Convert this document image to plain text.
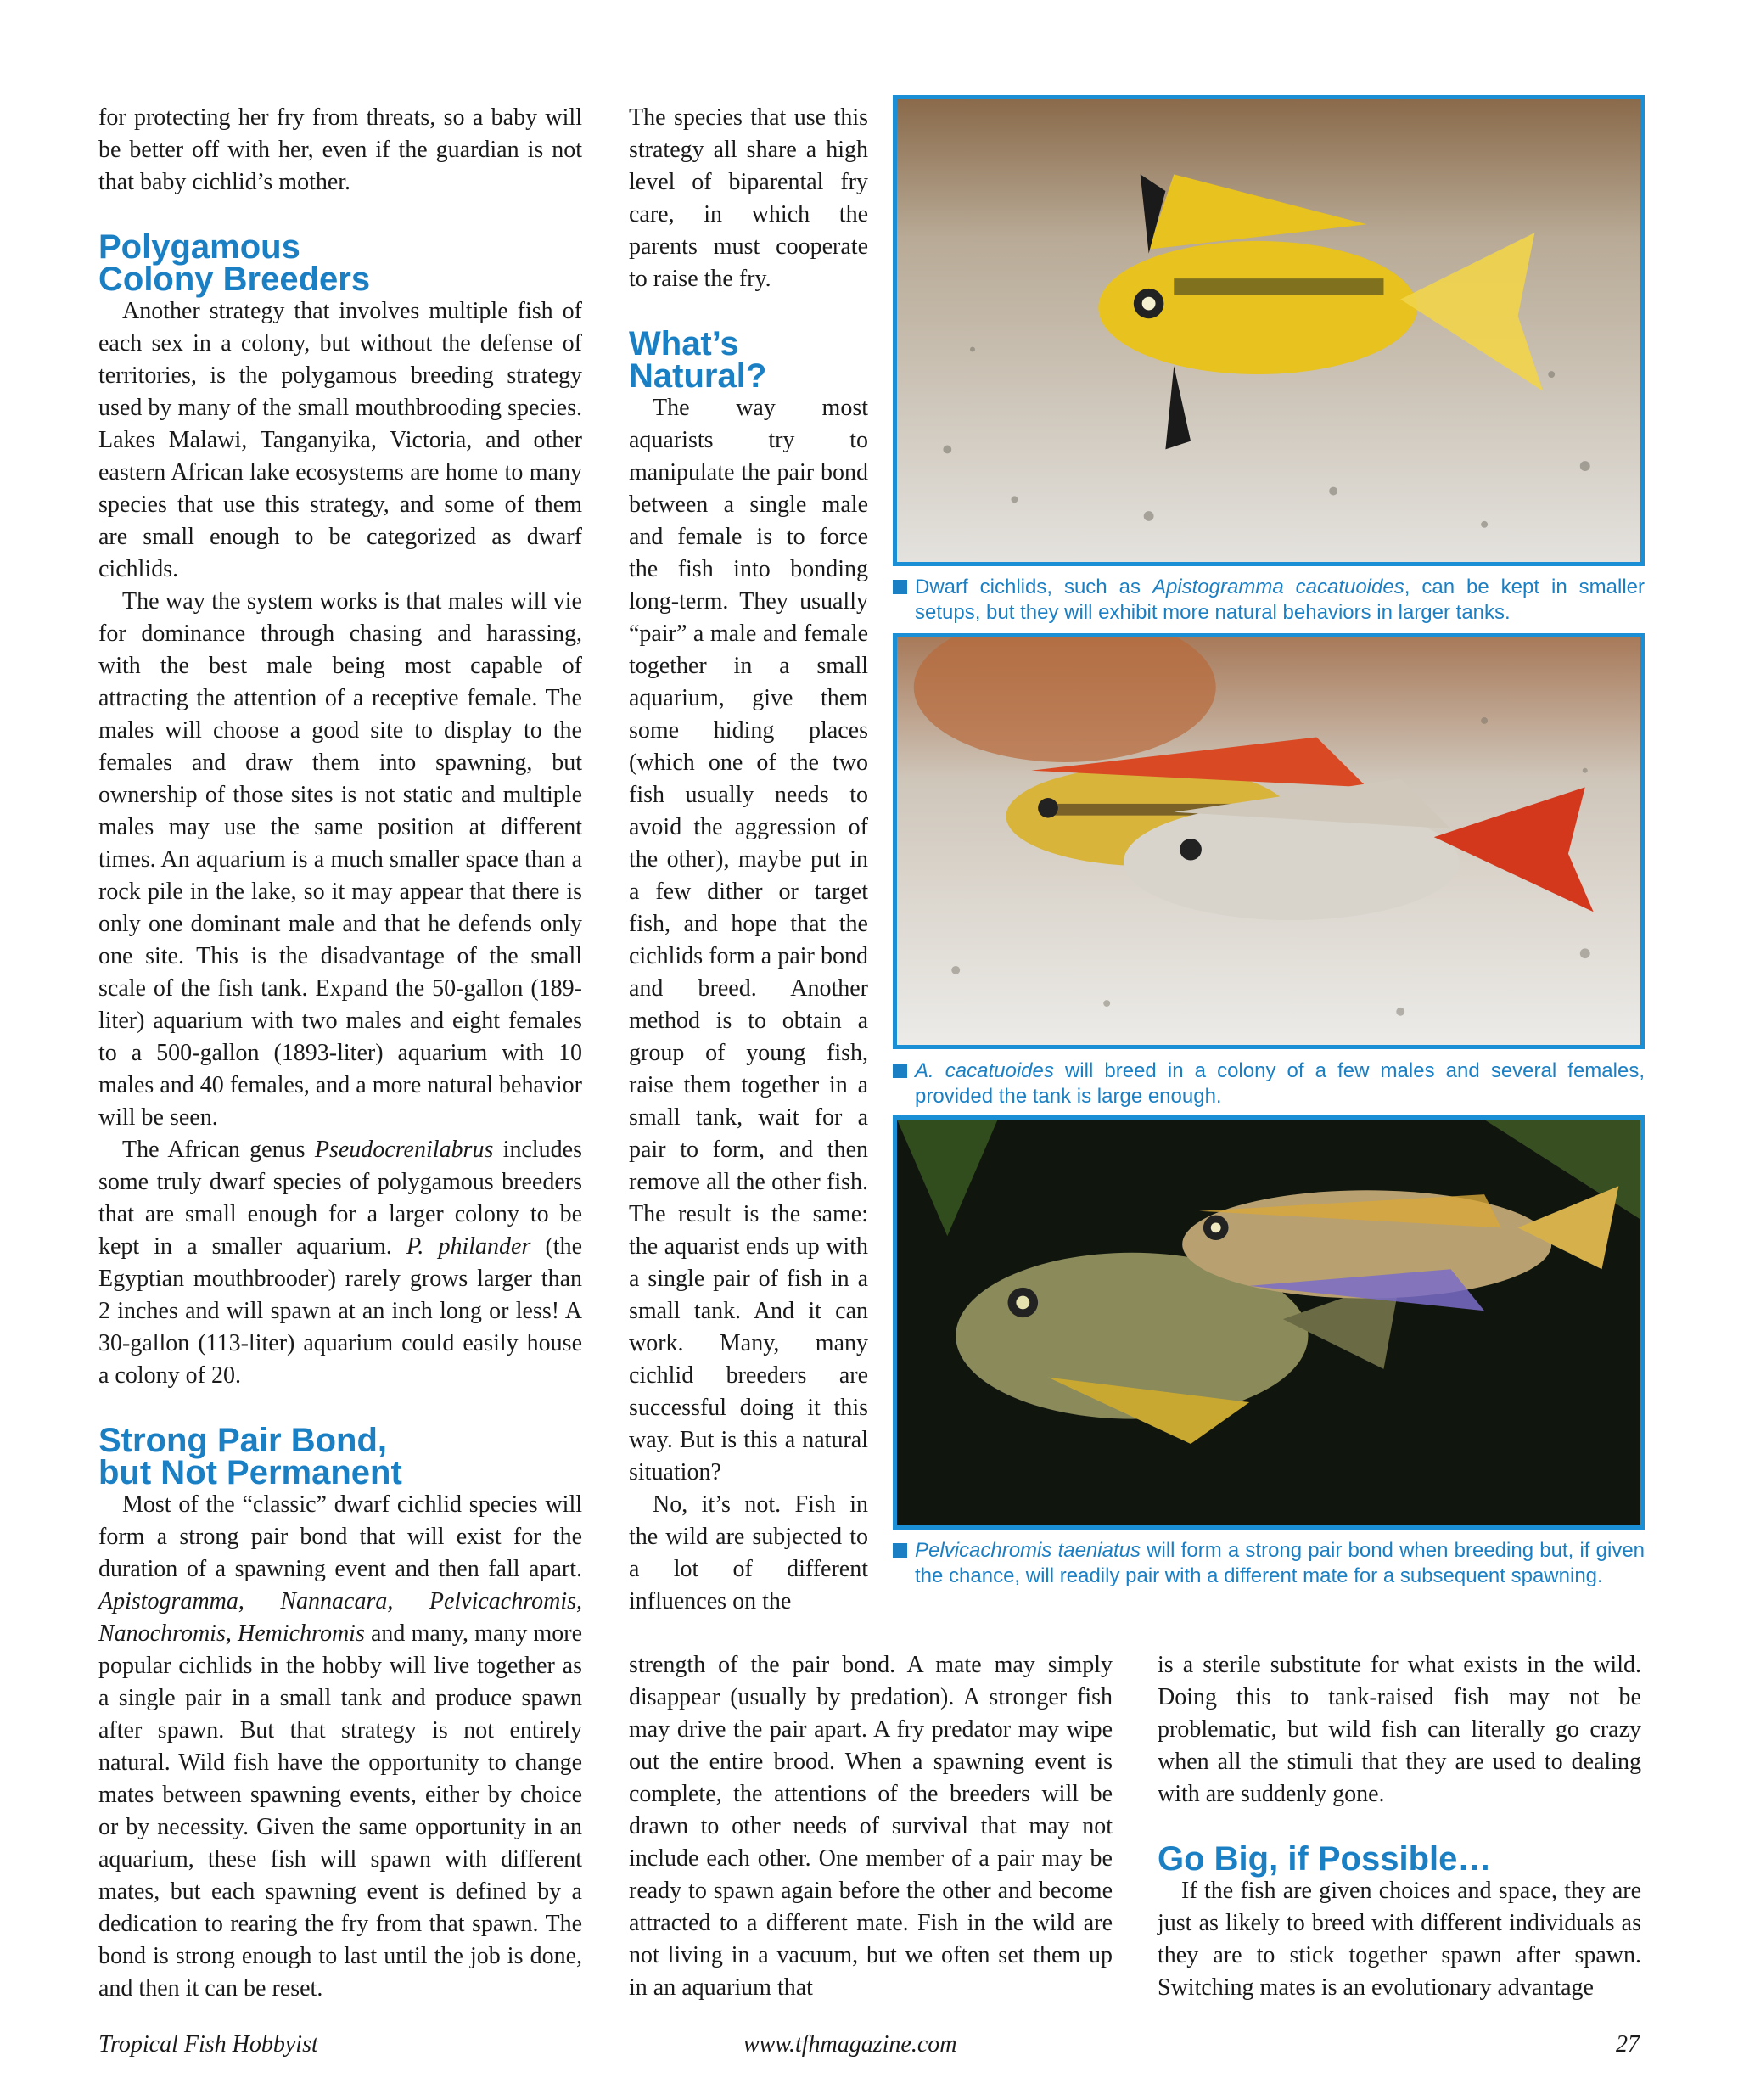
for protecting her fry from threats, so a baby will be better off with her, even if the guardian is not that baby cichlid’s mother.

Polygamous
Colony Breeders

Another strategy that involves multiple fish of each sex in a colony, but without the defense of territories, is the polygamous breeding strategy used by many of the small mouthbrooding species. Lakes Malawi, Tanganyika, Victoria, and other eastern African lake ecosystems are home to many species that use this strategy, and some of them are small enough to be categorized as dwarf cichlids.

The way the system works is that males will vie for dominance through chasing and harassing, with the best male being most capable of attracting the attention of a receptive female. The males will choose a good site to display to the females and draw them into spawning, but ownership of those sites is not static and multiple males may use the same position at different times. An aquarium is a much smaller space than a rock pile in the lake, so it may appear that there is only one dominant male and that he defends only one site. This is the disadvantage of the small scale of the fish tank. Expand the 50-gallon (189-liter) aquarium with two males and eight females to a 500-gallon (1893-liter) aquarium with 10 males and 40 females, and a more natural behavior will be seen.

The African genus Pseudocrenilabrus includes some truly dwarf species of polygamous breeders that are small enough for a larger colony to be kept in a smaller aquarium. P. philander (the Egyptian mouthbrooder) rarely grows larger than 2 inches and will spawn at an inch long or less! A 30-gallon (113-liter) aquarium could easily house a colony of 20.

Strong Pair Bond,
but Not Permanent

Most of the “classic” dwarf cichlid species will form a strong pair bond that will exist for the duration of a spawning event and then fall apart. Apistogramma, Nannacara, Pelvicachromis, Nanochromis, Hemichromis and many, many more popular cichlids in the hobby will live together as a single pair in a small tank and produce spawn after spawn. But that strategy is not entirely natural. Wild fish have the opportunity to change mates between spawning events, either by choice or by necessity. Given the same opportunity in an aquarium, these fish will spawn with different mates, but each spawning event is defined by a dedication to rearing the fry from that spawn. The bond is strong enough to last until the job is done, and then it can be reset.

The species that use this strategy all share a high level of biparental fry care, in which the parents must cooperate to raise the fry.

What’s
Natural?

The way most aquarists try to manipulate the pair bond between a single male and female is to force the fish into bonding long-term. They usually “pair” a male and female together in a small aquarium, give them some hiding places (which one of the two fish usually needs to avoid the aggression of the other), maybe put in a few dither or target fish, and hope that the cichlids form a pair bond and breed. Another method is to obtain a group of young fish, raise them together in a small tank, wait for a pair to form, and then remove all the other fish. The result is the same: the aquarist ends up with a single pair of fish in a small tank. And it can work. Many, many cichlid breeders are successful doing it this way. But is this a natural situation?

No, it’s not. Fish in the wild are subjected to a lot of different influences on the

strength of the pair bond. A mate may simply disappear (usually by predation). A stronger fish may drive the pair apart. A fry predator may wipe out the entire brood. When a spawning event is complete, the attentions of the breeders will be drawn to other needs of survival that may not include each other. One member of a pair may be ready to spawn again before the other and become attracted to a different mate. Fish in the wild are not living in a vacuum, but we often set them up in an aquarium that

is a sterile substitute for what exists in the wild. Doing this to tank-raised fish may not be problematic, but wild fish can literally go crazy when all the stimuli that they are used to dealing with are suddenly gone.

Go Big, if Possible…

If the fish are given choices and space, they are just as likely to breed with different individuals as they are to stick together spawn after spawn. Switching mates is an evolutionary advantage

Dwarf cichlids, such as Apistogramma cacatuoides, can be kept in smaller setups, but they will exhibit more natural behaviors in larger tanks.
A. cacatuoides will breed in a colony of a few males and several females, provided the tank is large enough.
Pelvicachromis taeniatus will form a strong pair bond when breeding but, if given the chance, will readily pair with a different mate for a subsequent spawning.
Tropical Fish Hobbyist	www.tfhmagazine.com	27
